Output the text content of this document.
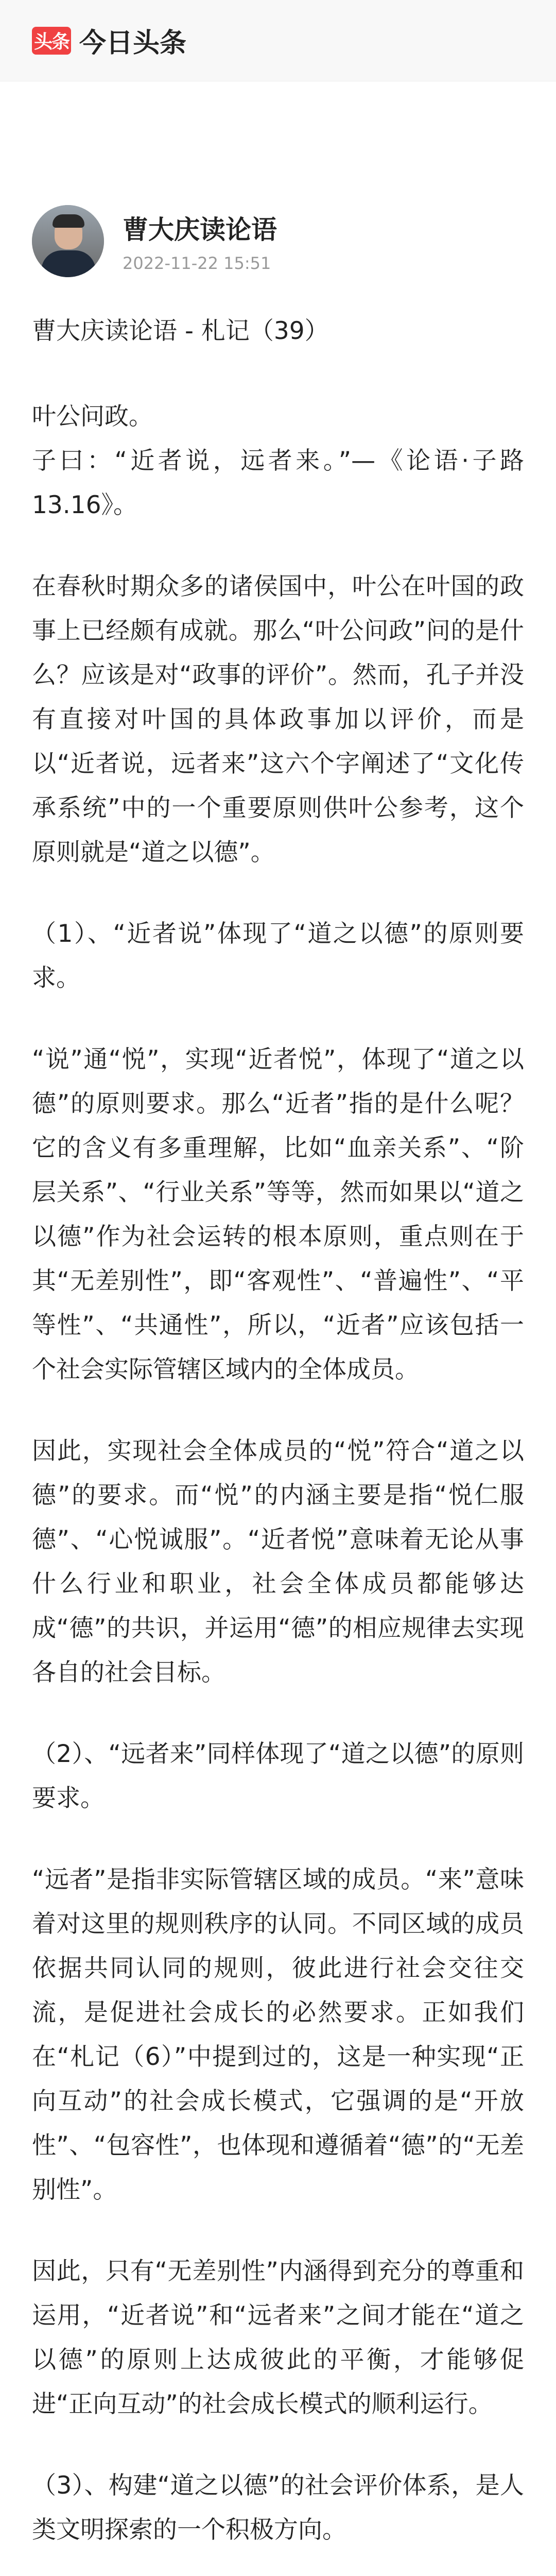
头条 今日头条
曹大庆读论语
2022-11-22 15:51

曹大庆读论语 - 札记（39）

叶公问政。

子曰：“近者说，远者来。”—《论语·子路13.16》。

在春秋时期众多的诸侯国中，叶公在叶国的政事上已经颇有成就。那么“叶公问政”问的是什么？应该是对“政事的评价”。然而，孔子并没有直接对叶国的具体政事加以评价，而是以“近者说，远者来”这六个字阐述了“文化传承系统”中的一个重要原则供叶公参考，这个原则就是“道之以德”。

（1）、“近者说”体现了“道之以德”的原则要求。

“说”通“悦”，实现“近者悦”，体现了“道之以德”的原则要求。那么“近者”指的是什么呢？它的含义有多重理解，比如“血亲关系”、“阶层关系”、“行业关系”等等，然而如果以“道之以德”作为社会运转的根本原则，重点则在于其“无差别性”，即“客观性”、“普遍性”、“平等性”、“共通性”，所以，“近者”应该包括一个社会实际管辖区域内的全体成员。

因此，实现社会全体成员的“悦”符合“道之以德”的要求。而“悦”的内涵主要是指“悦仁服德”、“心悦诚服”。“近者悦”意味着无论从事什么行业和职业，社会全体成员都能够达成“德”的共识，并运用“德”的相应规律去实现各自的社会目标。

（2）、“远者来”同样体现了“道之以德”的原则要求。

“远者”是指非实际管辖区域的成员。“来”意味着对这里的规则秩序的认同。不同区域的成员依据共同认同的规则，彼此进行社会交往交流，是促进社会成长的必然要求。正如我们在“札记（6）”中提到过的，这是一种实现“正向互动”的社会成长模式，它强调的是“开放性”、“包容性”，也体现和遵循着“德”的“无差别性”。

因此，只有“无差别性”内涵得到充分的尊重和运用，“近者说”和“远者来”之间才能在“道之以德”的原则上达成彼此的平衡，才能够促进“正向互动”的社会成长模式的顺利运行。

（3）、构建“道之以德”的社会评价体系，是人类文明探索的一个积极方向。
